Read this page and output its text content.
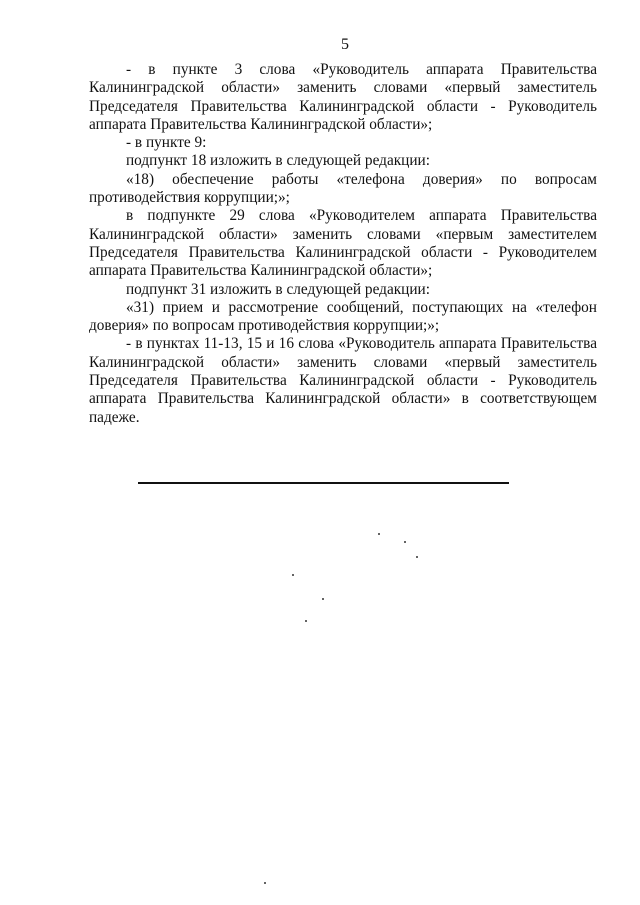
5

- в пункте 3 слова «Руководитель аппарата Правительства Калининградской области» заменить словами «первый заместитель Председателя Правительства Калининградской области - Руководитель аппарата Правительства Калининградской области»;

- в пункте 9:

подпункт 18 изложить в следующей редакции:

«18) обеспечение работы «телефона доверия» по вопросам противодействия коррупции;»;

в подпункте 29 слова «Руководителем аппарата Правительства Калининградской области» заменить словами «первым заместителем Председателя Правительства Калининградской области - Руководителем аппарата Правительства Калининградской области»;

подпункт 31 изложить в следующей редакции:

«31) прием и рассмотрение сообщений, поступающих на «телефон доверия» по вопросам противодействия коррупции;»;

- в пунктах 11-13, 15 и 16 слова «Руководитель аппарата Правительства Калининградской области» заменить словами «первый заместитель Председателя Правительства Калининградской области - Руководитель аппарата Правительства Калининградской области» в соответствующем падеже.
